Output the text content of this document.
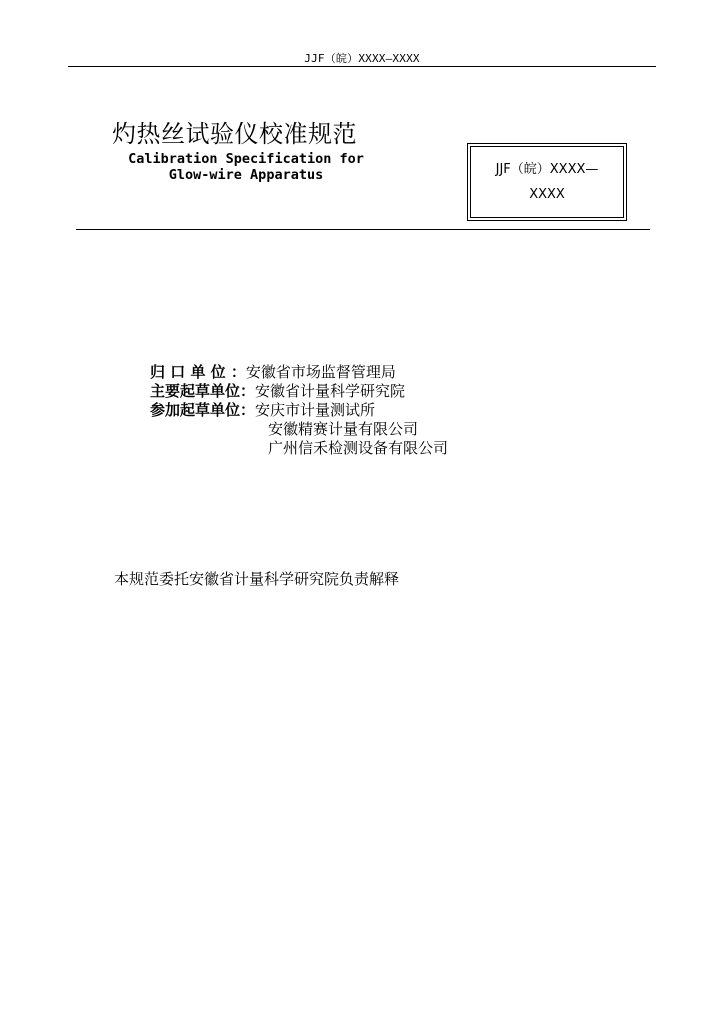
JJF（皖）XXXX—XXXX
灼热丝试验仪校准规范
Calibration Specification for
Glow-wire Apparatus	JJF（皖）XXXX—
XXXX
归 口 单 位 ：安徽省市场监督管理局
主要起草单位：安徽省计量科学研究院
参加起草单位：安庆市计量测试所
安徽精赛计量有限公司
广州信禾检测设备有限公司
本规范委托安徽省计量科学研究院负责解释
